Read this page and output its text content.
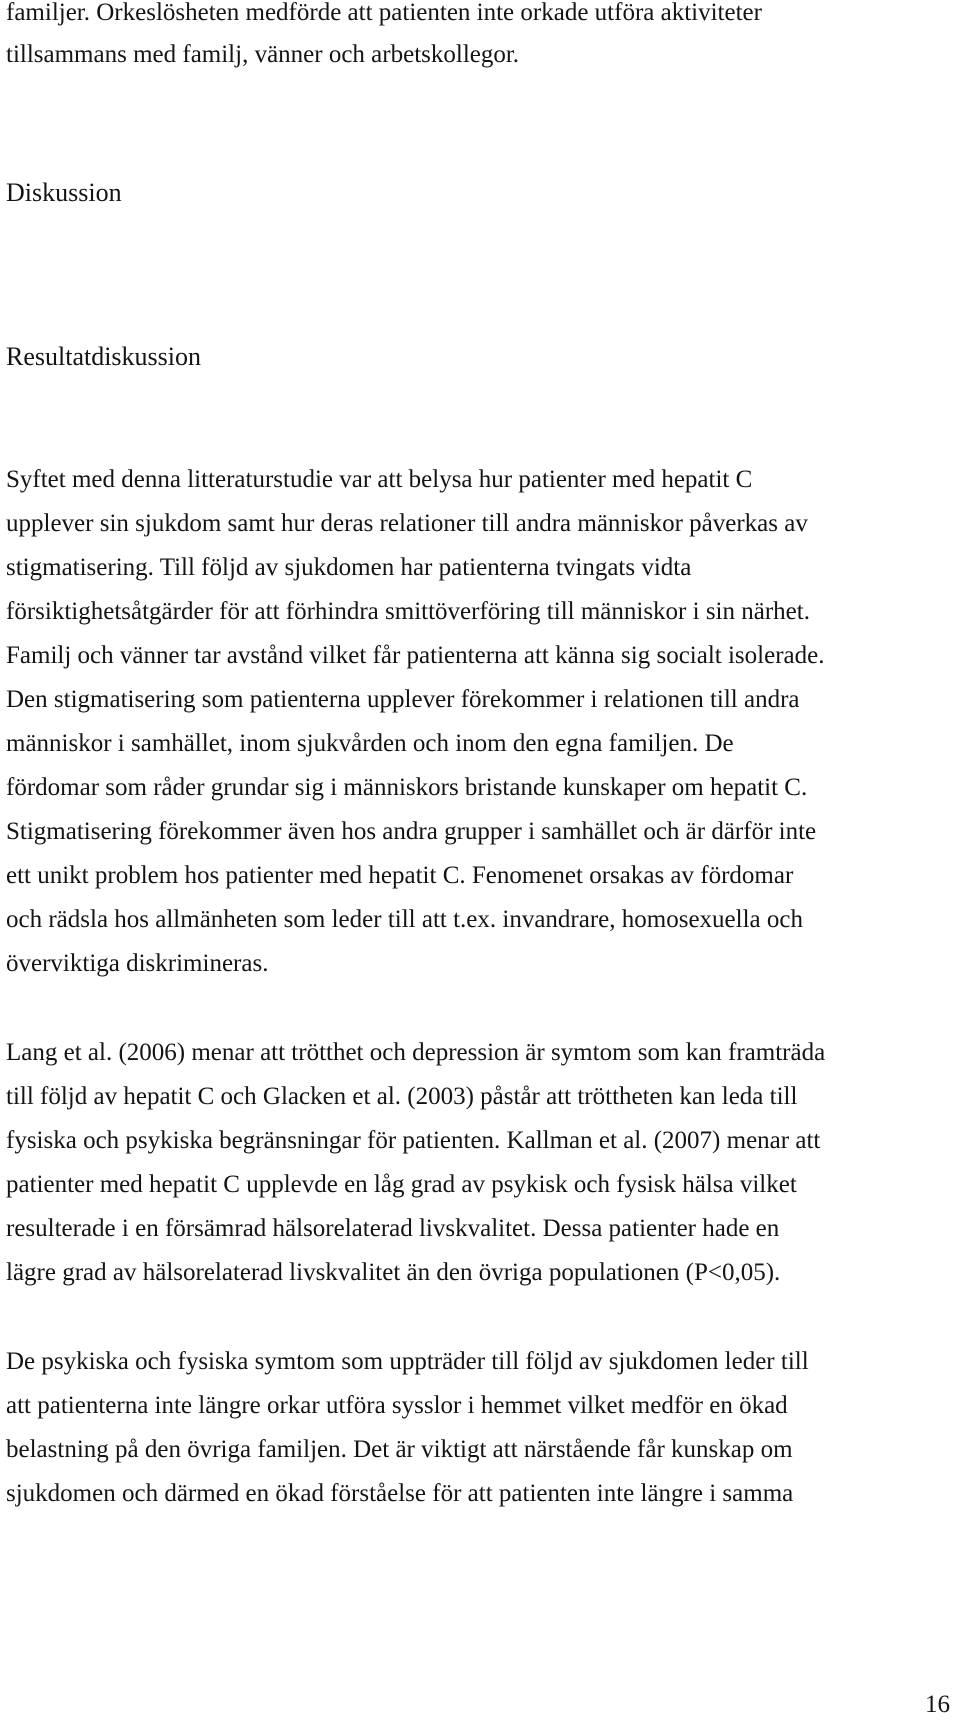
familjer. Orkeslösheten medförde att patienten inte orkade utföra aktiviteter
tillsammans med familj, vänner och arbetskollegor.
Diskussion
Resultatdiskussion
Syftet med denna litteraturstudie var att belysa hur patienter med hepatit C
upplever sin sjukdom samt hur deras relationer till andra människor påverkas av
stigmatisering. Till följd av sjukdomen har patienterna tvingats vidta
försiktighetsåtgärder för att förhindra smittöverföring till människor i sin närhet.
Familj och vänner tar avstånd vilket får patienterna att känna sig socialt isolerade.
Den stigmatisering som patienterna upplever förekommer i relationen till andra
människor i samhället, inom sjukvården och inom den egna familjen. De
fördomar som råder grundar sig i människors bristande kunskaper om hepatit C.
Stigmatisering förekommer även hos andra grupper i samhället och är därför inte
ett unikt problem hos patienter med hepatit C. Fenomenet orsakas av fördomar
och rädsla hos allmänheten som leder till att t.ex. invandrare, homosexuella och
överviktiga diskrimineras.
Lang et al. (2006) menar att trötthet och depression är symtom som kan framträda
till följd av hepatit C och Glacken et al. (2003) påstår att tröttheten kan leda till
fysiska och psykiska begränsningar för patienten. Kallman et al. (2007) menar att
patienter med hepatit C upplevde en låg grad av psykisk och fysisk hälsa vilket
resulterade i en försämrad hälsorelaterad livskvalitet. Dessa patienter hade en
lägre grad av hälsorelaterad livskvalitet än den övriga populationen (P<0,05).
De psykiska och fysiska symtom som uppträder till följd av sjukdomen leder till
att patienterna inte längre orkar utföra sysslor i hemmet vilket medför en ökad
belastning på den övriga familjen. Det är viktigt att närstående får kunskap om
sjukdomen och därmed en ökad förståelse för att patienten inte längre i samma
16
